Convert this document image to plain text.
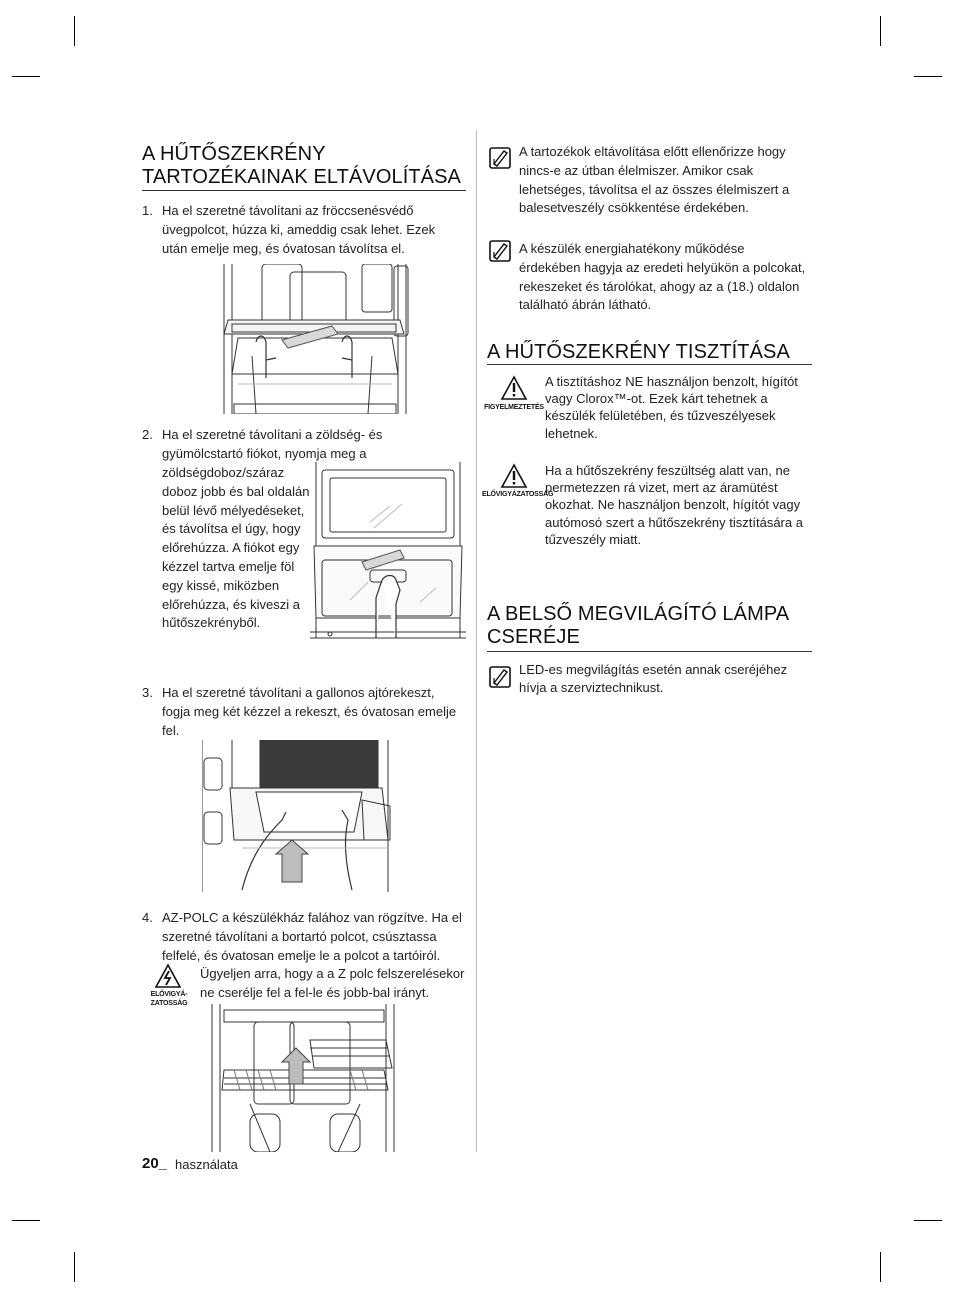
A HŰTŐSZEKRÉNY TARTOZÉKAINAK ELTÁVOLÍTÁSA
1. Ha el szeretné távolítani az fröccsenésvédő üvegpolcot, húzza ki, ameddig csak lehet. Ezek után emelje meg, és óvatosan távolítsa el.

2. Ha el szeretné távolítani a zöldség- és gyümölcstartó fiókot, nyomja meg a

zöldségdoboz/száraz doboz jobb és bal oldalán belül lévő mélyedéseket, és távolítsa el úgy, hogy előrehúzza. A fiókot egy kézzel tartva emelje föl egy kissé, miközben előrehúzza, és kiveszi a hűtőszekrényből.

3. Ha el szeretné távolítani a gallonos ajtórekeszt, fogja meg két kézzel a rekeszt, és óvatosan emelje fel.

4. AZ-POLC a készülékház falához van rögzítve. Ha el szeretné távolítani a bortartó polcot, csúsztassa felfelé, és óvatosan emelje le a polcot a tartóiról.

ELŐVIGYÁ-ZATOSSÁG

Ügyeljen arra, hogy a a Z polc felszerelésekor ne cserélje fel a fel-le és jobb-bal irányt.

20_ használata

A tartozékok eltávolítása előtt ellenőrizze hogy nincs-e az útban élelmiszer. Amikor csak lehetséges, távolítsa el az összes élelmiszert a balesetveszély csökkentése érdekében.

A készülék energiahatékony működése érdekében hagyja az eredeti helyükön a polcokat, rekeszeket és tárolókat, ahogy az a (18.) oldalon található ábrán látható.

A HŰTŐSZEKRÉNY TISZTÍTÁSA
FIGYELMEZTETÉS

A tisztításhoz NE használjon benzolt, hígítót vagy Clorox™-ot. Ezek kárt tehetnek a készülék felületében, és tűzveszélyesek lehetnek.

ELŐVIGYÁZATOSSÁG

Ha a hűtőszekrény feszültség alatt van, ne permetezzen rá vizet, mert az áramütést okozhat. Ne használjon benzolt, hígítót vagy autómosó szert a hűtőszekrény tisztítására a tűzveszély miatt.

A BELSŐ MEGVILÁGÍTÓ LÁMPA CSERÉJE

LED-es megvilágítás esetén annak cseréjéhez hívja a szerviztechnikust.
